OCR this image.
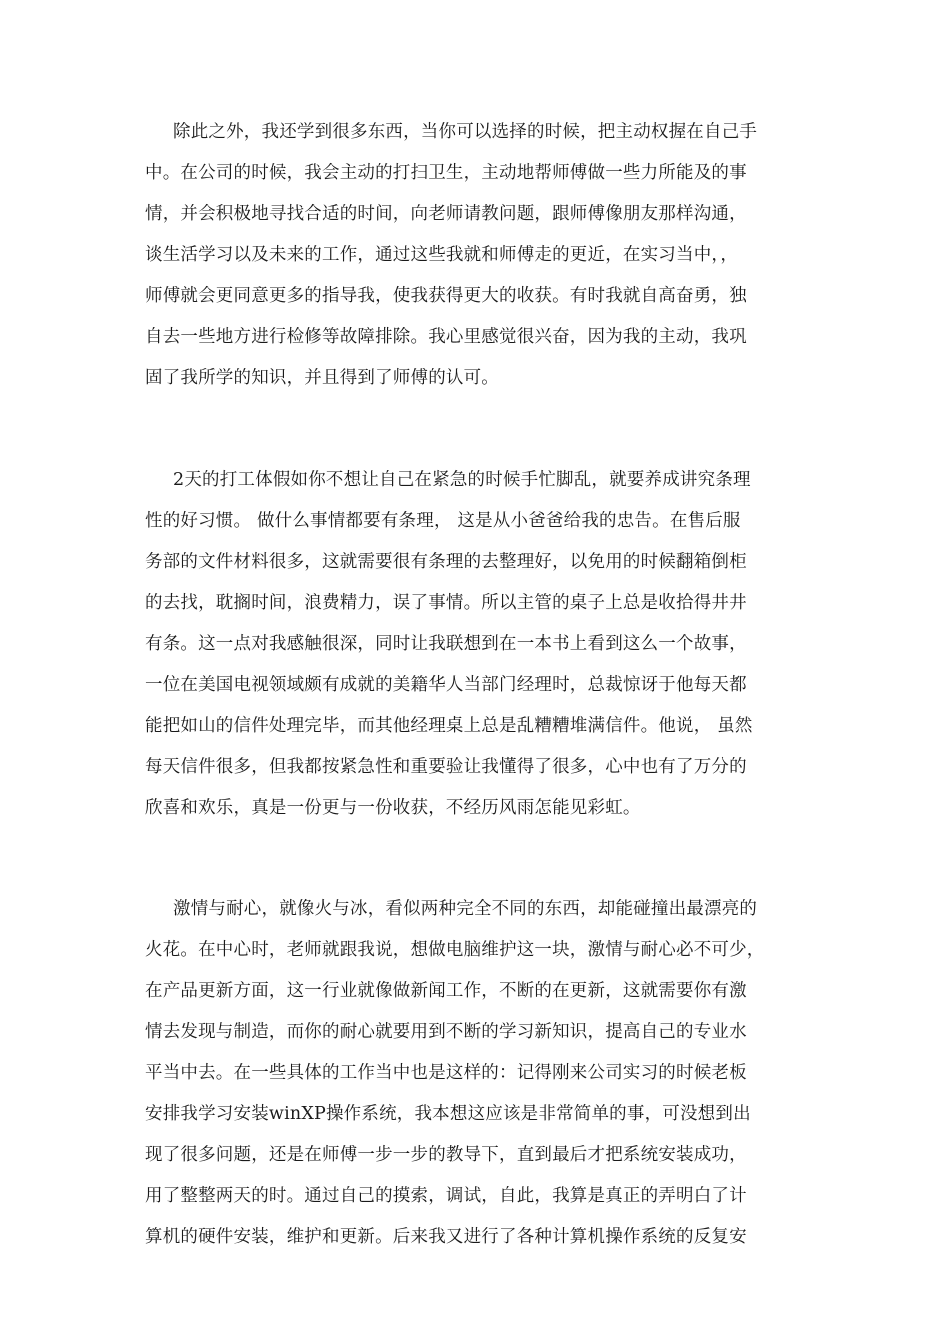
除此之外，我还学到很多东西，当你可以选择的时候，把主动权握在自己手

中。在公司的时候，我会主动的打扫卫生，主动地帮师傅做一些力所能及的事

情，并会积极地寻找合适的时间，向老师请教问题，跟师傅像朋友那样沟通，

谈生活学习以及未来的工作，通过这些我就和师傅走的更近，在实习当中，，

师傅就会更同意更多的指导我，使我获得更大的收获。有时我就自高奋勇，独

自去一些地方进行检修等故障排除。我心里感觉很兴奋，因为我的主动，我巩

固了我所学的知识，并且得到了师傅的认可。

2天的打工体假如你不想让自己在紧急的时候手忙脚乱，就要养成讲究条理

性的好习惯。 做什么事情都要有条理， 这是从小爸爸给我的忠告。在售后服

务部的文件材料很多，这就需要很有条理的去整理好，以免用的时候翻箱倒柜

的去找，耽搁时间，浪费精力，误了事情。所以主管的桌子上总是收拾得井井

有条。这一点对我感触很深，同时让我联想到在一本书上看到这么一个故事，

一位在美国电视领域颇有成就的美籍华人当部门经理时，总裁惊讶于他每天都

能把如山的信件处理完毕，而其他经理桌上总是乱糟糟堆满信件。他说， 虽然

每天信件很多，但我都按紧急性和重要验让我懂得了很多，心中也有了万分的

欣喜和欢乐，真是一份更与一份收获，不经历风雨怎能见彩虹。

激情与耐心，就像火与冰，看似两种完全不同的东西，却能碰撞出最漂亮的

火花。在中心时，老师就跟我说，想做电脑维护这一块，激情与耐心必不可少，

在产品更新方面，这一行业就像做新闻工作，不断的在更新，这就需要你有激

情去发现与制造，而你的耐心就要用到不断的学习新知识，提高自己的专业水

平当中去。在一些具体的工作当中也是这样的：记得刚来公司实习的时候老板

安排我学习安装winXP操作系统，我本想这应该是非常简单的事，可没想到出

现了很多问题，还是在师傅一步一步的教导下，直到最后才把系统安装成功，

用了整整两天的时。通过自己的摸索，调试，自此，我算是真正的弄明白了计

算机的硬件安装，维护和更新。后来我又进行了各种计算机操作系统的反复安
